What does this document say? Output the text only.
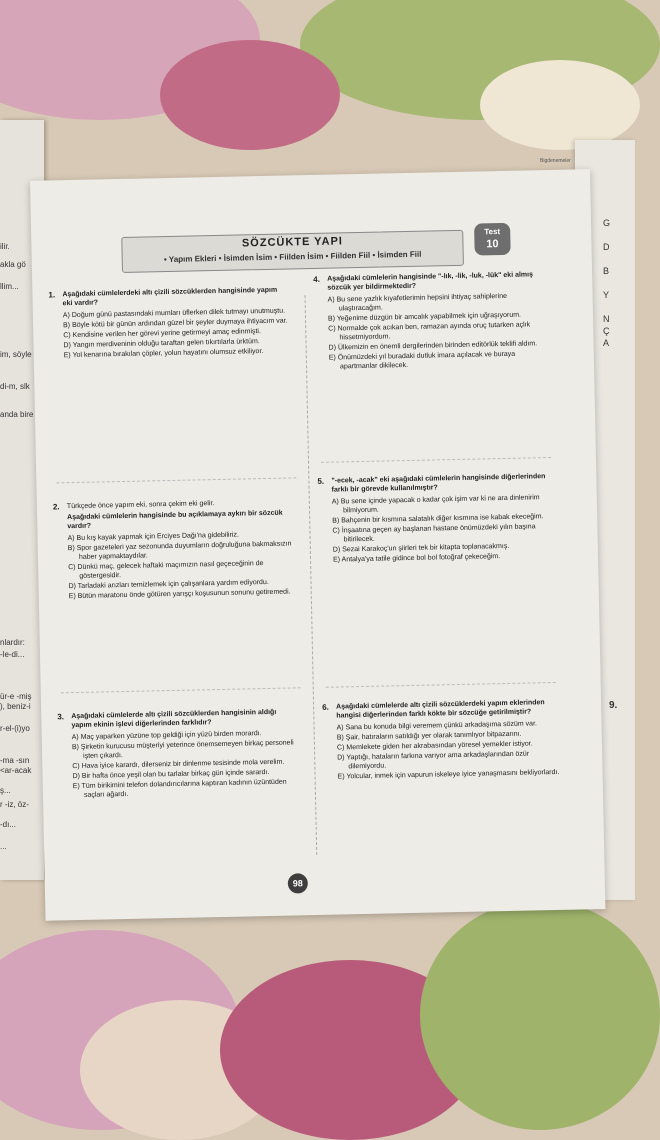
ilir.
akla gö
llim...
im, söyle
di-m, slk
anda bire
nlardır:
-le-di...
ür-e -miş
), beniz-i
r-el-(i)yo
-ma -sın
<ar-acak
ş...
r -iz, öz-
-dı...
...
G
D
B
Y
N
Ç
A
9.
Bigdenemeler
SÖZCÜKTE YAPI
• Yapım Ekleri • İsimden İsim • Fiilden İsim • Fiilden Fiil • İsimden Fiil
Test
10
1. Aşağıdaki cümlelerdeki altı çizili sözcüklerden hangisinde yapım eki vardır?
A) Doğum günü pastasındaki mumları üflerken dilek tutmayı unutmuştu.
B) Böyle kötü bir günün ardından güzel bir şeyler duymaya ihtiyacım var.
C) Kendisine verilen her görevi yerine getirmeyi amaç edinmişti.
D) Yangın merdiveninin olduğu taraftan gelen tıkırtılarla ürktüm.
E) Yol kenarına bırakılan çöpler, yolun hayatını olumsuz etkiliyor.
2. Türkçede önce yapım eki, sonra çekim eki gelir.
Aşağıdaki cümlelerin hangisinde bu açıklamaya aykırı bir sözcük vardır?
A) Bu kış kayak yapmak için Erciyes Dağı'na gidebiliriz.
B) Spor gazeteleri yaz sezonunda duyumların doğruluğuna bakmaksızın haber yapmaktaydılar.
C) Dünkü maç, gelecek haftaki maçımızın nasıl geçeceğinin de göstergesidir.
D) Tarladaki arızları temizlemek için çalışanlara yardım ediyordu.
E) Bütün maratonu önde götüren yarışçı koşusunun sonunu getiremedi.
3. Aşağıdaki cümlelerde altı çizili sözcüklerden hangisinin aldığı yapım ekinin işlevi diğerlerinden farklıdır?
A) Maç yaparken yüzüne top geldiği için yüzü birden morardı.
B) Şirketin kurucusu müşteriyi yeterince önemsemeyen birkaç personeli işten çıkardı.
C) Hava iyice karardı, dilerseniz bir dinlenme tesisinde mola verelim.
D) Bir hafta önce yeşil olan bu tarlalar birkaç gün içinde sarardı.
E) Tüm birikimini telefon dolandırıcılarına kaptıran kadının üzüntüden saçları ağardı.
4. Aşağıdaki cümlelerin hangisinde "-lık, -lik, -luk, -lük" eki almış sözcük yer bildirmektedir?
A) Bu sene yazlık kıyafetlerimin hepsini ihtiyaç sahiplerine ulaştıracağım.
B) Yeğenime düzgün bir amcalık yapabilmek için uğraşıyorum.
C) Normalde çok acıkan ben, ramazan ayında oruç tutarken açlık hissetmiyordum.
D) Ülkemizin en önemli dergilerinden birinden editörlük teklifi aldım.
E) Önümüzdeki yıl buradaki dutluk imara açılacak ve buraya apartmanlar dikilecek.
5. "-ecek, -acak" eki aşağıdaki cümlelerin hangisinde diğerlerinden farklı bir görevde kullanılmıştır?
A) Bu sene içinde yapacak o kadar çok işim var ki ne ara dinlenirim bilmiyorum.
B) Bahçenin bir kısmına salatalık diğer kısmına ise kabak ekeceğim.
C) İnşaatına geçen ay başlanan hastane önümüzdeki yılın başına bitirilecek.
D) Sezai Karakoç'un şiirleri tek bir kitapta toplanacakmış.
E) Antalya'ya tatile gidince bol bol fotoğraf çekeceğim.
6. Aşağıdaki cümlelerde altı çizili sözcüklerdeki yapım eklerinden hangisi diğerlerinden farklı kökte bir sözcüğe getirilmiştir?
A) Sana bu konuda bilgi veremem çünkü arkadaşıma sözüm var.
B) Şair, hatıraların satıldığı yer olarak tanımlıyor bitpazarını.
C) Memlekete giden her akrabasından yöresel yemekler istiyor.
D) Yaptığı, hataların farkına varıyor ama arkadaşlarından özür dilemiyordu.
E) Yolcular, inmek için vapurun iskeleye iyice yanaşmasını bekliyorlardı.
98
